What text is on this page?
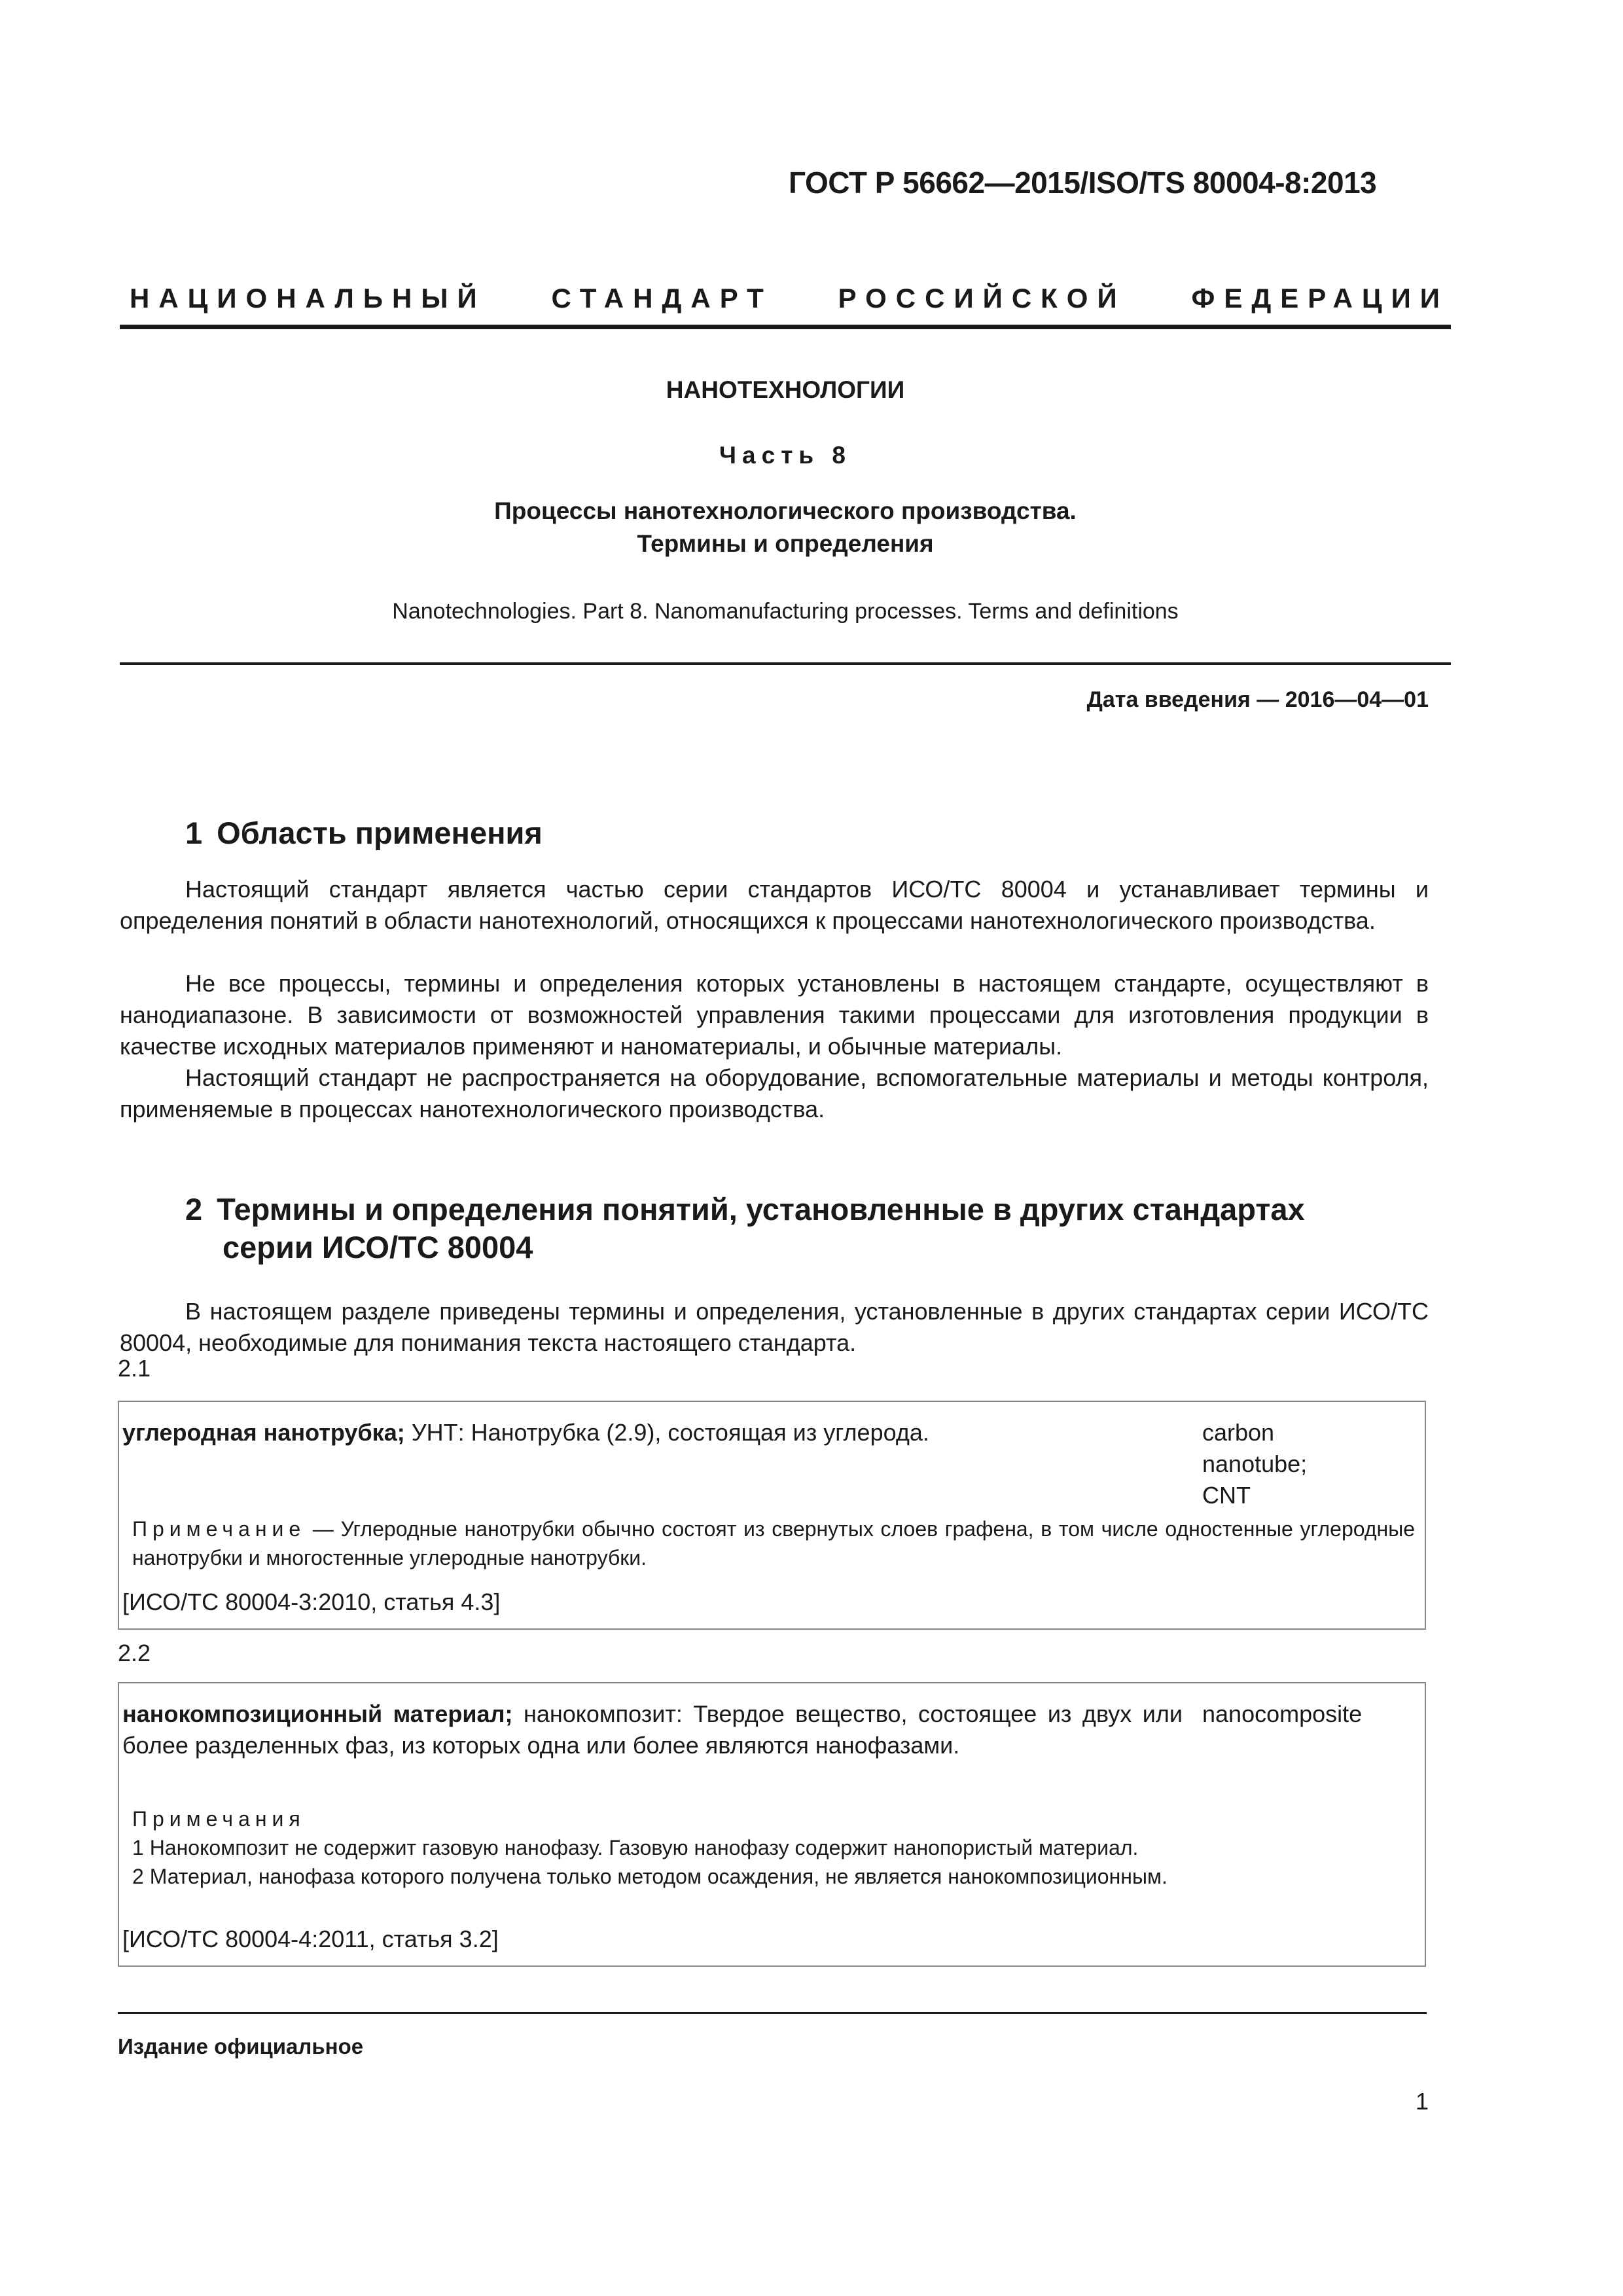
ГОСТ Р 56662—2015/ISO/TS 80004-8:2013
НАЦИОНАЛЬНЫЙ СТАНДАРТ РОССИЙСКОЙ ФЕДЕРАЦИИ
НАНОТЕХНОЛОГИИ
Часть 8
Процессы нанотехнологического производства.
Термины и определения
Nanotechnologies. Part 8. Nanomanufacturing processes. Terms and definitions
Дата введения — 2016—04—01
1 Область применения
Настоящий стандарт является частью серии стандартов ИСО/ТС 80004 и устанавливает термины и определения понятий в области нанотехнологий, относящихся к процессами нанотехнологического производства.
Не все процессы, термины и определения которых установлены в настоящем стандарте, осуществляют в нанодиапазоне. В зависимости от возможностей управления такими процессами для изготовления продукции в качестве исходных материалов применяют и наноматериалы, и обычные материалы.
Настоящий стандарт не распространяется на оборудование, вспомогательные материалы и методы контроля, применяемые в процессах нанотехнологического производства.
2 Термины и определения понятий, установленные в других стандартах
серии ИСО/ТС 80004
В настоящем разделе приведены термины и определения, установленные в других стандартах серии ИСО/ТС 80004, необходимые для понимания текста настоящего стандарта.
2.1
углеродная нанотрубка; УНТ: Нанотрубка (2.9), состоящая из углерода.	carbon
nanotube;
CNT
Примечание — Углеродные нанотрубки обычно состоят из свернутых слоев графена, в том числе одностенные углеродные нанотрубки и многостенные углеродные нанотрубки.
[ИСО/ТС 80004-3:2010, статья 4.3]
2.2
нанокомпозиционный материал; нанокомпозит: Твердое вещество, состоящее из двух или более разделенных фаз, из которых одна или более являются нанофазами.
nanocomposite
Примечания
1 Нанокомпозит не содержит газовую нанофазу. Газовую нанофазу содержит нанопористый материал.
2 Материал, нанофаза которого получена только методом осаждения, не является нанокомпозиционным.
[ИСО/ТС 80004-4:2011, статья 3.2]
Издание официальное
1
